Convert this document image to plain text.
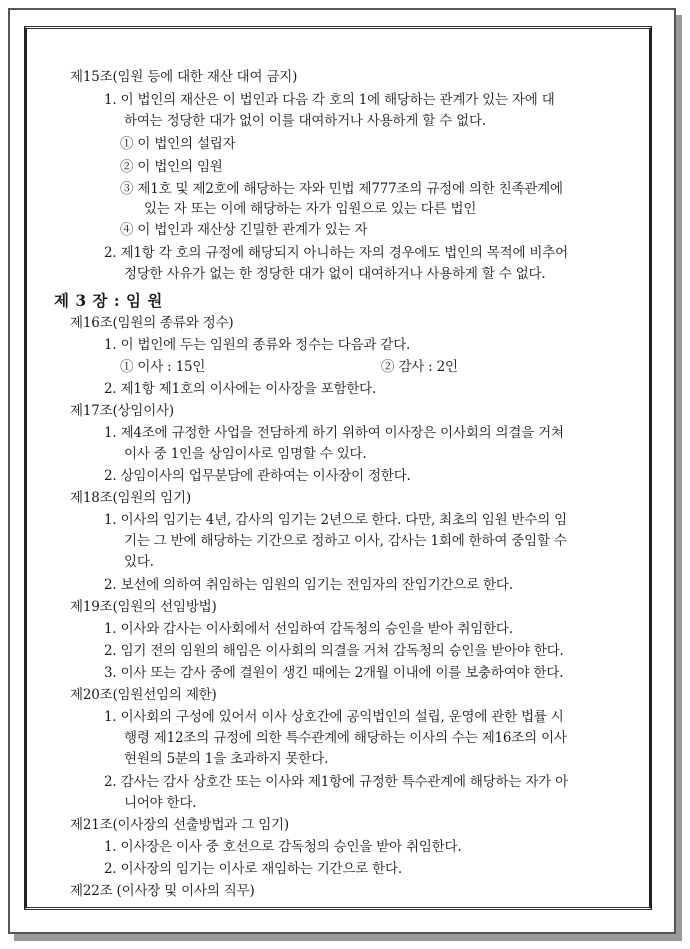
제15조(임원 등에 대한 재산 대여 금지)
1. 이 법인의 재산은 이 법인과 다음 각 호의 1에 해당하는 관계가 있는 자에 대
하여는 정당한 대가 없이 이를 대여하거나 사용하게 할 수 없다.
① 이 법인의 설립자
② 이 법인의 임원
③ 제1호 및 제2호에 해당하는 자와 민법 제777조의 규정에 의한 친족관계에
있는 자 또는 이에 해당하는 자가 임원으로 있는 다른 법인
④ 이 법인과 재산상 긴밀한 관계가 있는 자
2. 제1항 각 호의 규정에 해당되지 아니하는 자의 경우에도 법인의 목적에 비추어
정당한 사유가 없는 한 정당한 대가 없이 대여하거나 사용하게 할 수 없다.
제 3 장 : 임 원
제16조(임원의 종류와 정수)
1. 이 법인에 두는 임원의 종류와 정수는 다음과 같다.
① 이사 : 15인	② 감사 : 2인
2. 제1항 제1호의 이사에는 이사장을 포함한다.
제17조(상임이사)
1. 제4조에 규정한 사업을 전담하게 하기 위하여 이사장은 이사회의 의결을 거쳐
이사 중 1인을 상임이사로 임명할 수 있다.
2. 상임이사의 업무분담에 관하여는 이사장이 정한다.
제18조(임원의 임기)
1. 이사의 임기는 4년, 감사의 임기는 2년으로 한다. 다만, 최초의 임원 반수의 임
기는 그 반에 해당하는 기간으로 정하고 이사, 감사는 1회에 한하여 중임할 수
있다.
2. 보선에 의하여 취임하는 임원의 임기는 전임자의 잔임기간으로 한다.
제19조(임원의 선임방법)
1. 이사와 감사는 이사회에서 선임하여 감독청의 승인을 받아 취임한다.
2. 임기 전의 임원의 해임은 이사회의 의결을 거쳐 감독청의 승인을 받아야 한다.
3. 이사 또는 감사 중에 결원이 생긴 때에는 2개월 이내에 이를 보충하여야 한다.
제20조(임원선임의 제한)
1. 이사회의 구성에 있어서 이사 상호간에 공익법인의 설립, 운영에 관한 법률 시
행령 제12조의 규정에 의한 특수관계에 해당하는 이사의 수는 제16조의 이사
현원의 5분의 1을 초과하지 못한다.
2. 감사는 감사 상호간 또는 이사와 제1항에 규정한 특수관계에 해당하는 자가 아
니어야 한다.
제21조(이사장의 선출방법과 그 임기)
1. 이사장은 이사 중 호선으로 감독청의 승인을 받아 취임한다.
2. 이사장의 임기는 이사로 재임하는 기간으로 한다.
제22조 (이사장 및 이사의 직무)
